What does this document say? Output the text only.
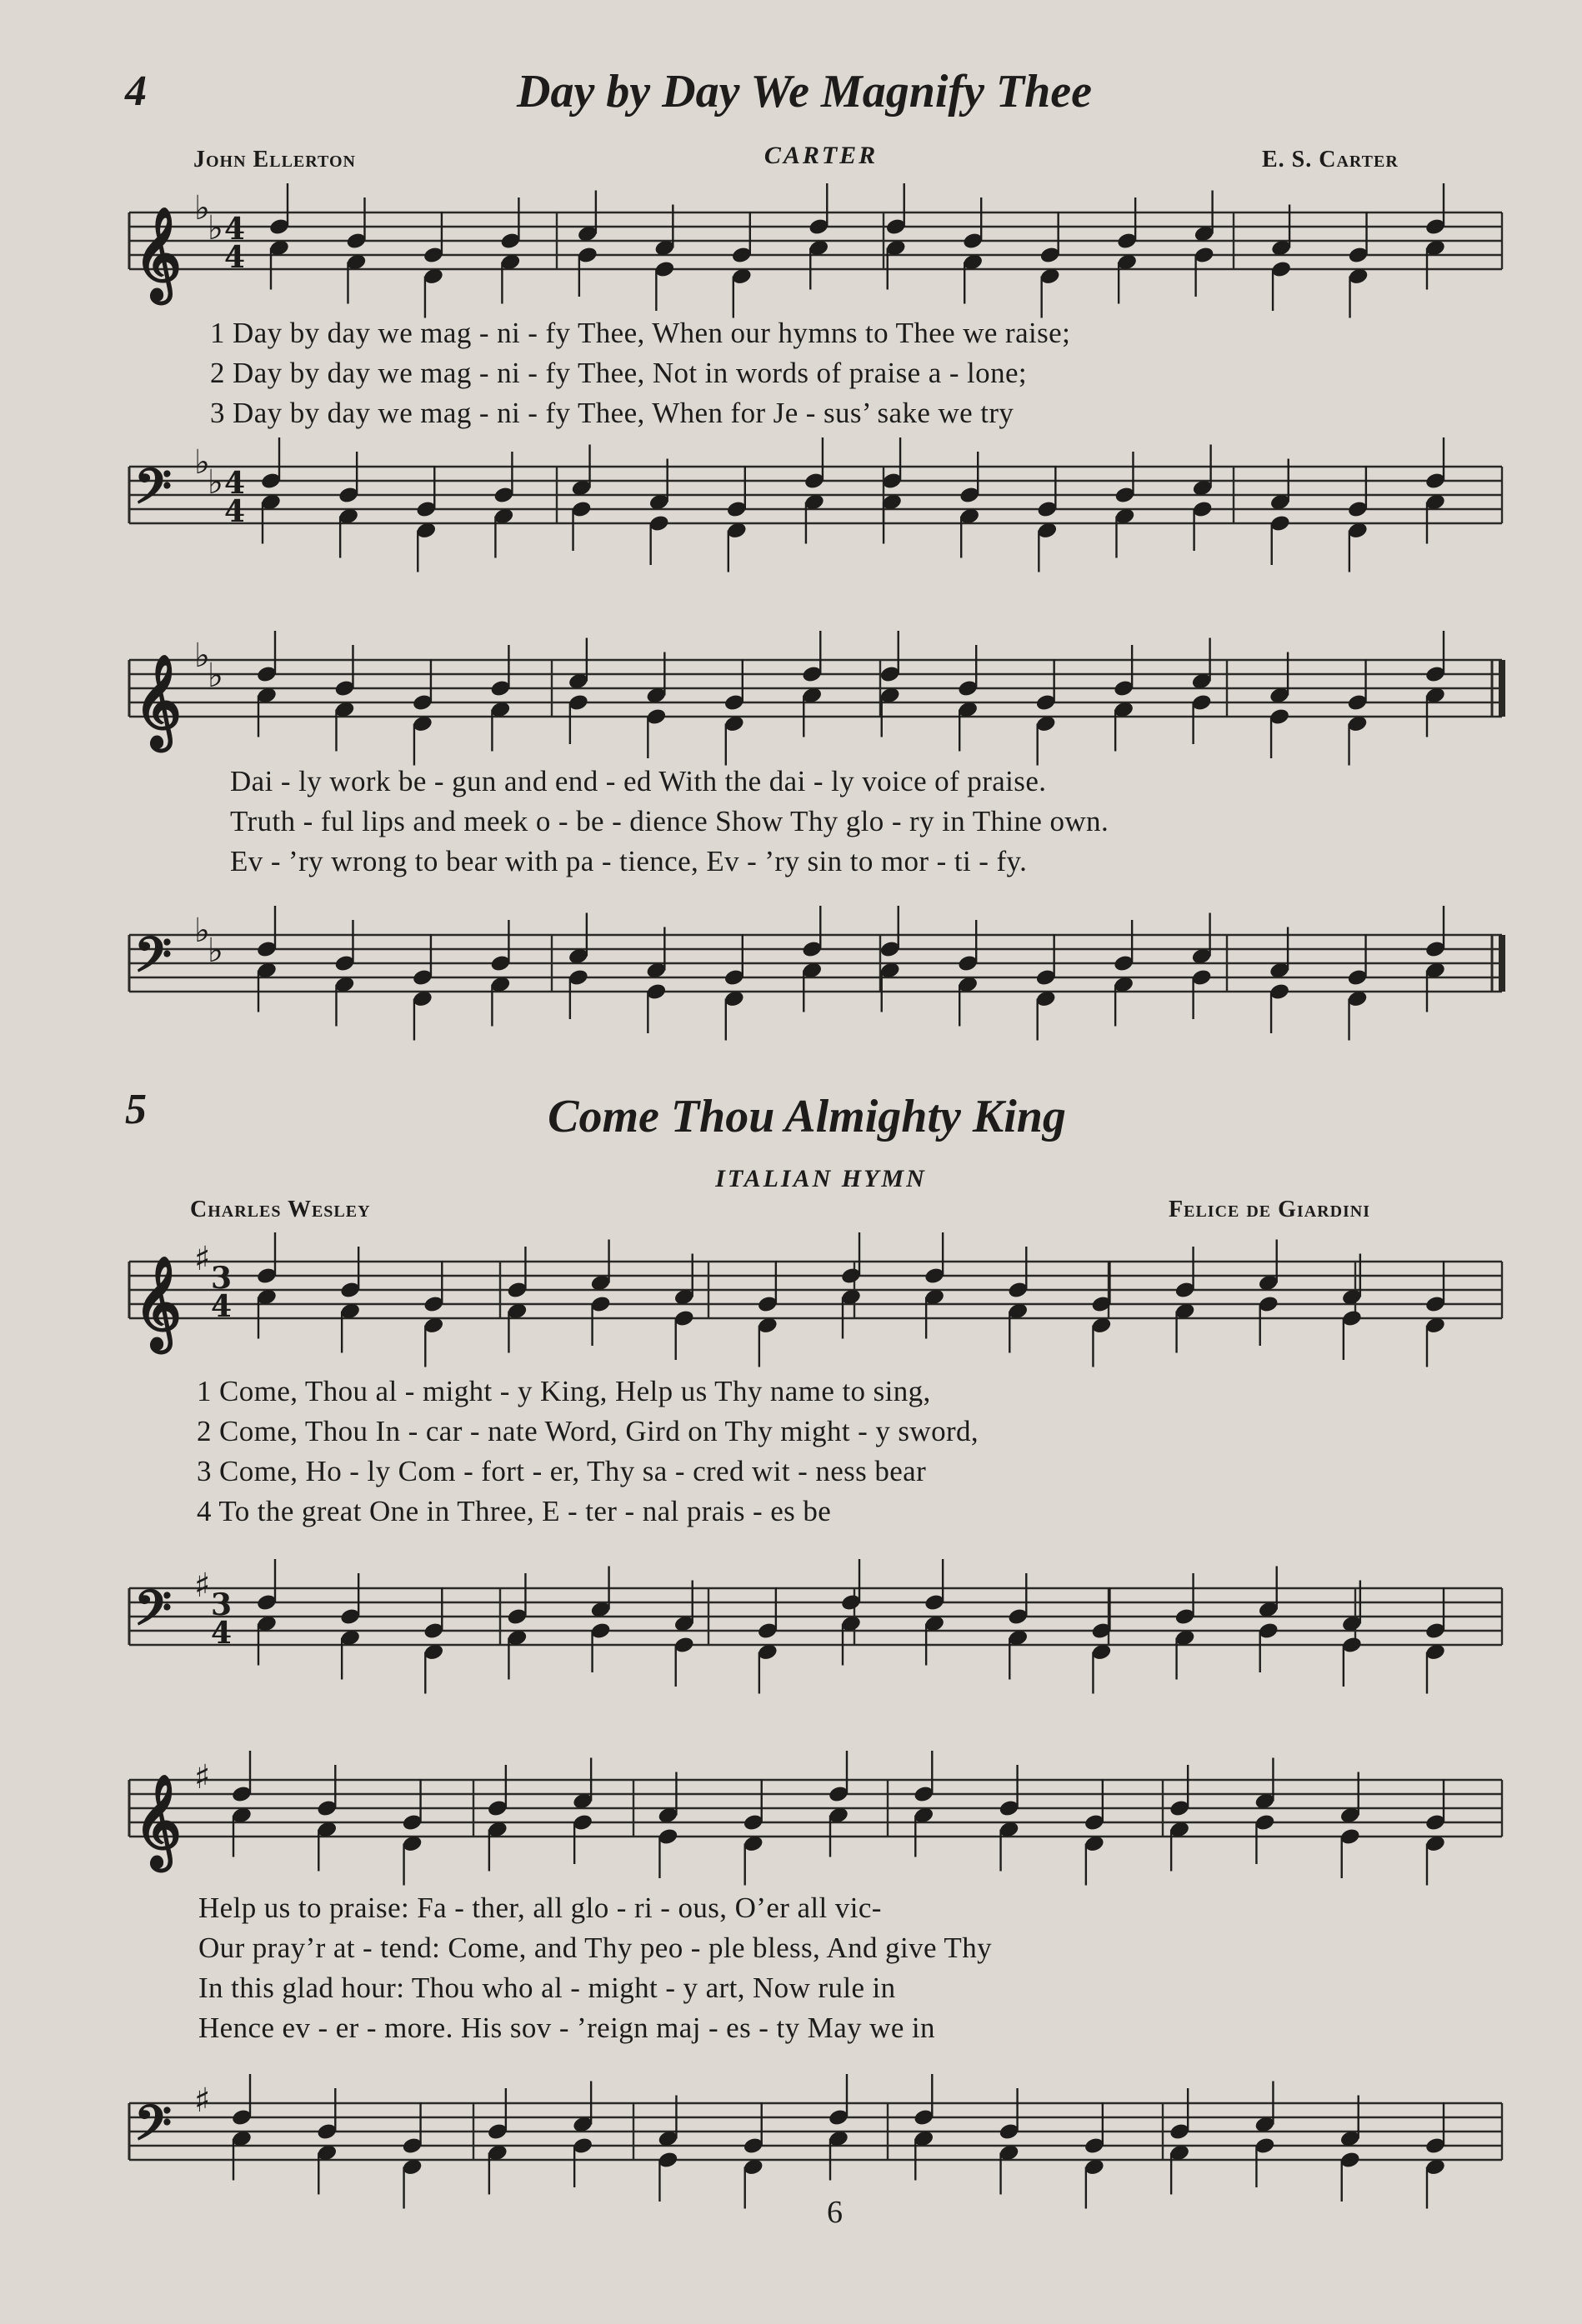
4	Day by Day We Magnify Thee
John Ellerton	CARTER	E. S. Carter
1 Day by day we mag - ni - fy Thee, When our hymns to Thee we raise;
2 Day by day we mag - ni - fy Thee, Not in words of praise a - lone;
3 Day by day we mag - ni - fy Thee, When for Je - sus’ sake we try
Dai - ly work be - gun and end - ed With the dai - ly voice of praise.
Truth - ful lips and meek o - be - dience Show Thy glo - ry in Thine own.
Ev - ’ry wrong to bear with pa - tience, Ev - ’ry sin to mor - ti - fy.
5	Come Thou Almighty King
ITALIAN HYMN
Charles Wesley	Felice de Giardini
1 Come, Thou al - might - y King, Help us Thy name to sing,
2 Come, Thou In - car - nate Word, Gird on Thy might - y sword,
3 Come, Ho - ly Com - fort - er, Thy sa - cred wit - ness bear
4 To the great One in Three, E - ter - nal prais - es be
Help us to praise: Fa - ther, all glo - ri - ous, O’er all vic-
Our pray’r at - tend: Come, and Thy peo - ple bless, And give Thy
In this glad hour: Thou who al - might - y art, Now rule in
Hence ev - er - more. His sov - ’reign maj - es - ty May we in
6
𝄞 ♭
♭ 4
4
𝄢 ♭
♭ 4
4
𝄞 ♭
♭
𝄢 ♭
♭
𝄞 ♯ 3
4
𝄢 ♯ 3
4
𝄞 ♯
𝄢 ♯
